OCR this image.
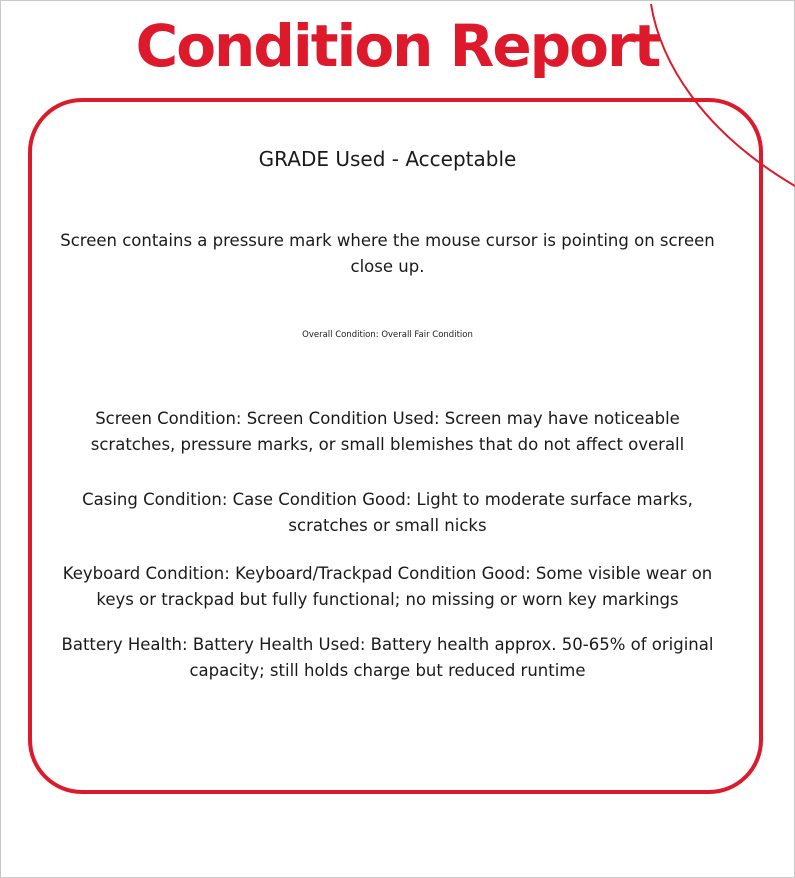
Condition Report
GRADE Used - Acceptable
Screen contains a pressure mark where the mouse cursor is pointing on screen close up.
Overall Condition: Overall Fair Condition
Screen Condition: Screen Condition Used: Screen may have noticeable scratches, pressure marks, or small blemishes that do not affect overall
Casing Condition: Case Condition Good: Light to moderate surface marks, scratches or small nicks
Keyboard Condition: Keyboard/Trackpad Condition Good: Some visible wear on keys or trackpad but fully functional; no missing or worn key markings
Battery Health: Battery Health Used: Battery health approx. 50-65% of original capacity; still holds charge but reduced runtime
